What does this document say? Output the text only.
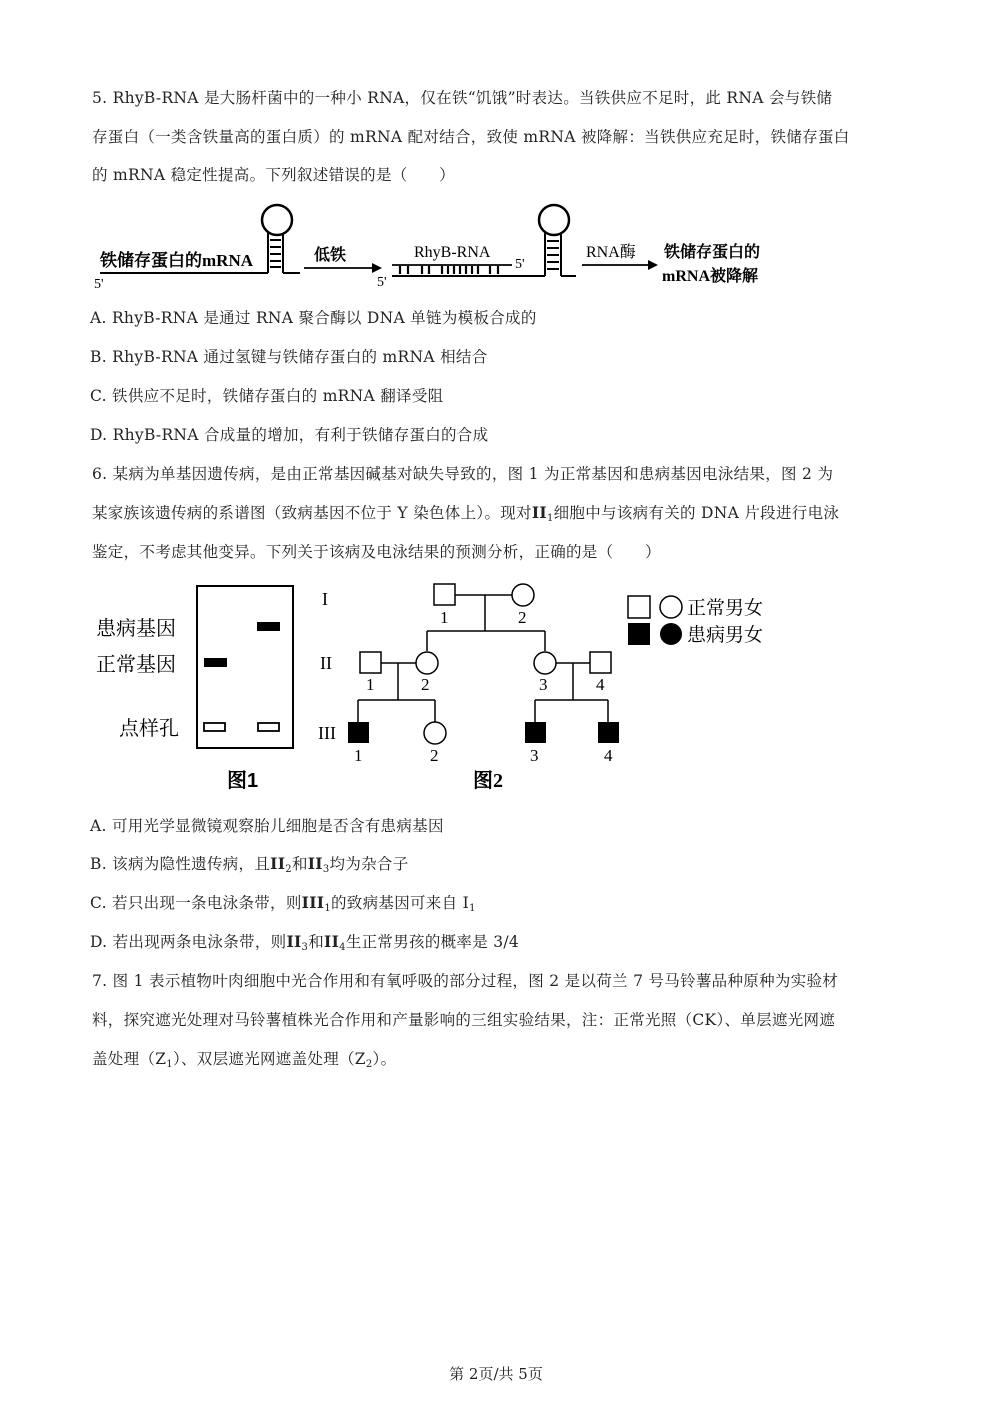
5. RhyB-RNA 是大肠杆菌中的一种小 RNA，仅在铁“饥饿”时表达。当铁供应不足时，此 RNA 会与铁储
存蛋白（一类含铁量高的蛋白质）的 mRNA 配对结合，致使 mRNA 被降解：当铁供应充足时，铁储存蛋白
的 mRNA 稳定性提高。下列叙述错误的是（　　）
铁储存蛋白的mRNA
5'
低铁	RhyB-RNA
5'
5'
RNA酶 铁储存蛋白的
mRNA被降解
A. RhyB-RNA 是通过 RNA 聚合酶以 DNA 单链为模板合成的
B. RhyB-RNA 通过氢键与铁储存蛋白的 mRNA 相结合
C. 铁供应不足时，铁储存蛋白的 mRNA 翻译受阻
D. RhyB-RNA 合成量的增加，有利于铁储存蛋白的合成
6. 某病为单基因遗传病，是由正常基因碱基对缺失导致的，图 1 为正常基因和患病基因电泳结果，图 2 为
某家族该遗传病的系谱图（致病基因不位于 Y 染色体上）。现对$II_1$细胞中与该病有关的 DNA 片段进行电泳
鉴定，不考虑其他变异。下列关于该病及电泳结果的预测分析，正确的是（　　）
患病基因
正常基因
点样孔
图1
I
II
III
1	2
1	2	3	4
1	2	3	4
图2
正常男女
患病男女
A. 可用光学显微镜观察胎儿细胞是否含有患病基因
B. 该病为隐性遗传病，且$II_2$和$II_3$均为杂合子
C. 若只出现一条电泳条带，则$III_1$的致病基因可来自 $I_1$
D. 若出现两条电泳条带，则$II_3$和$II_4$生正常男孩的概率是 3/4
7. 图 1 表示植物叶肉细胞中光合作用和有氧呼吸的部分过程，图 2 是以荷兰 7 号马铃薯品种原种为实验材
料，探究遮光处理对马铃薯植株光合作用和产量影响的三组实验结果，注：正常光照（CK）、单层遮光网遮
盖处理$(Z_1)$、双层遮光网遮盖处理$(Z_2)$。
第 2页/共 5页
